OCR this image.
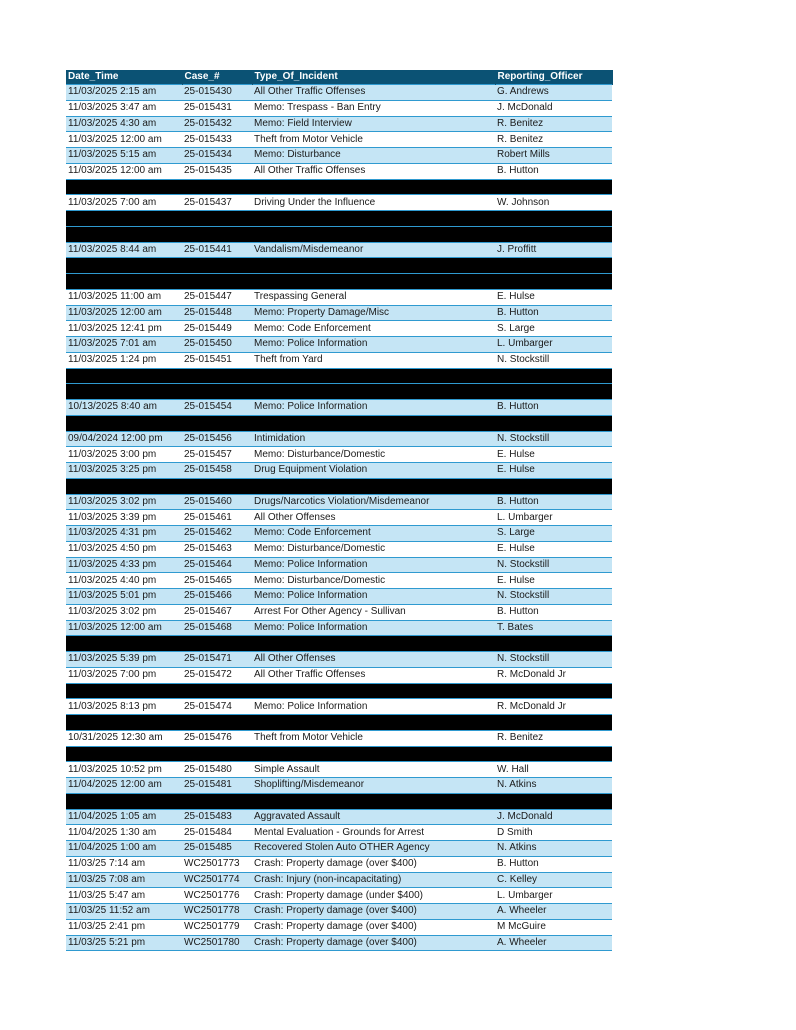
Date_Time	Case_#	Type_Of_Incident	Reporting_Officer
11/03/2025 2:15 am	25-015430	All Other Traffic Offenses	G. Andrews
11/03/2025 3:47 am	25-015431	Memo: Trespass - Ban Entry	J. McDonald
11/03/2025 4:30 am	25-015432	Memo: Field Interview	R. Benitez
11/03/2025 12:00 am	25-015433	Theft from Motor Vehicle	R. Benitez
11/03/2025 5:15 am	25-015434	Memo: Disturbance	Robert Mills
11/03/2025 12:00 am	25-015435	All Other Traffic Offenses	B. Hutton

11/03/2025 7:00 am	25-015437	Driving Under the Influence	W. Johnson

11/03/2025 8:44 am	25-015441	Vandalism/Misdemeanor	J. Proffitt

11/03/2025 11:00 am	25-015447	Trespassing General	E. Hulse
11/03/2025 12:00 am	25-015448	Memo: Property Damage/Misc	B. Hutton
11/03/2025 12:41 pm	25-015449	Memo: Code Enforcement	S. Large
11/03/2025 7:01 am	25-015450	Memo: Police Information	L. Umbarger
11/03/2025 1:24 pm	25-015451	Theft from Yard	N. Stockstill

10/13/2025 8:40 am	25-015454	Memo: Police Information	B. Hutton

09/04/2024 12:00 pm	25-015456	Intimidation	N. Stockstill
11/03/2025 3:00 pm	25-015457	Memo: Disturbance/Domestic	E. Hulse
11/03/2025 3:25 pm	25-015458	Drug Equipment Violation	E. Hulse

11/03/2025 3:02 pm	25-015460	Drugs/Narcotics Violation/Misdemeanor	B. Hutton
11/03/2025 3:39 pm	25-015461	All Other Offenses	L. Umbarger
11/03/2025 4:31 pm	25-015462	Memo: Code Enforcement	S. Large
11/03/2025 4:50 pm	25-015463	Memo: Disturbance/Domestic	E. Hulse
11/03/2025 4:33 pm	25-015464	Memo: Police Information	N. Stockstill
11/03/2025 4:40 pm	25-015465	Memo: Disturbance/Domestic	E. Hulse
11/03/2025 5:01 pm	25-015466	Memo: Police Information	N. Stockstill
11/03/2025 3:02 pm	25-015467	Arrest For Other Agency - Sullivan	B. Hutton
11/03/2025 12:00 am	25-015468	Memo: Police Information	T. Bates

11/03/2025 5:39 pm	25-015471	All Other Offenses	N. Stockstill
11/03/2025 7:00 pm	25-015472	All Other Traffic Offenses	R. McDonald Jr

11/03/2025 8:13 pm	25-015474	Memo: Police Information	R. McDonald Jr

10/31/2025 12:30 am	25-015476	Theft from Motor Vehicle	R. Benitez

11/03/2025 10:52 pm	25-015480	Simple Assault	W. Hall
11/04/2025 12:00 am	25-015481	Shoplifting/Misdemeanor	N. Atkins

11/04/2025 1:05 am	25-015483	Aggravated Assault	J. McDonald
11/04/2025 1:30 am	25-015484	Mental Evaluation - Grounds for Arrest	D Smith
11/04/2025 1:00 am	25-015485	Recovered Stolen Auto OTHER Agency	N. Atkins
11/03/25 7:14 am	WC2501773	Crash: Property damage (over $400)	B. Hutton
11/03/25 7:08 am	WC2501774	Crash: Injury (non-incapacitating)	C. Kelley
11/03/25 5:47 am	WC2501776	Crash: Property damage (under $400)	L. Umbarger
11/03/25 11:52 am	WC2501778	Crash: Property damage (over $400)	A. Wheeler
11/03/25 2:41 pm	WC2501779	Crash: Property damage (over $400)	M McGuire
11/03/25 5:21 pm	WC2501780	Crash: Property damage (over $400)	A. Wheeler
